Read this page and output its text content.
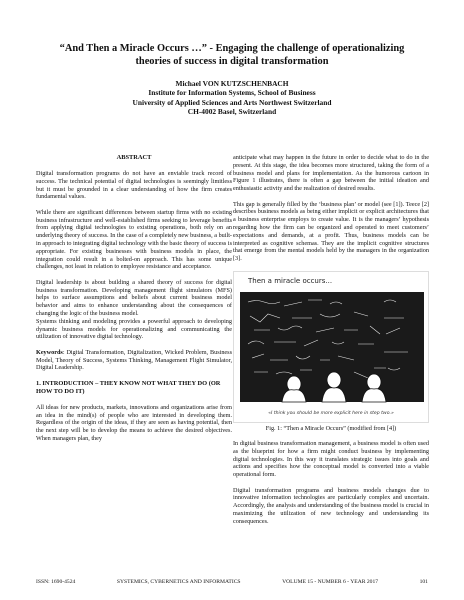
“And Then a Miracle Occurs …” - Engaging the challenge of operationalizing
theories of success in digital transformation
Michael VON KUTZSCHENBACH
Institute for Information Systems, School of Business
University of Applied Sciences and Arts Northwest Switzerland
CH-4002 Basel, Switzerland
ABSTRACT

Digital transformation programs do not have an enviable track record of success. The technical potential of digital technologies is seemingly limitless but it must be grounded in a clear understanding of how the firm creates fundamental values.

While there are significant differences between startup firms with no existing business infrastructure and well-established firms seeking to leverage benefits from applying digital technologies to existing operations, both rely on an underlying theory of success. In the case of a completely new business, a built-in approach to integrating digital technology with the basic theory of success is appropriate. For existing businesses with business models in place, the integration could result in a bolted-on approach. This has some unique challenges, not least in relation to employee resistance and acceptance.

Digital leadership is about building a shared theory of success for digital business transformation. Developing management flight simulators (MFS) helps to surface assumptions and beliefs about current business model behavior and aims to enhance understanding about the consequences of changing the logic of the business model.

Systems thinking and modeling provides a powerful approach to developing dynamic business models for operationalizing and communicating the utilization of innovative digital technology.

Keywords: Digital Transformation, Digitalization, Wicked Problem, Business Model, Theory of Success, Systems Thinking, Management Flight Simulator, Digital Leadership.

1. INTRODUCTION – THEY KNOW NOT WHAT THEY DO (OR HOW TO DO IT)

All ideas for new products, markets, innovations and organizations arise from an idea in the mind(s) of people who are interested in developing them. Regardless of the origin of the ideas, if they are seen as having potential, then the next step will be to develop the means to achieve the desired objectives. When managers plan, they

anticipate what may happen in the future in order to decide what to do in the present. At this stage, the idea becomes more structured, taking the form of a business model and plans for implementation. As the humorous cartoon in Figure 1 illustrates, there is often a gap between the initial ideation and enthusiastic activity and the realization of desired results.

This gap is generally filled by the ‘business plan’ or model (see [1]). Teece [2] describes business models as being either implicit or explicit architectures that a business enterprise employs to create value. It is the managers’ hypothesis regarding how the firm can be organized and operated to meet customers’ expectations and demands, at a profit. Thus, business models can be interpreted as cognitive schemas. They are the implicit cognitive structures that emerge from the mental models held by the managers in the organization [3].

Then a miracle occurs...
«I think you should be more explicit here in step two.»
Fig. 1: “Then a Miracle Occurs” (modified from [4])

In digital business transformation management, a business model is often used as the blueprint for how a firm might conduct business by implementing digital technologies. In this way it translates strategic issues into goals and actions and specifies how the conceptual model is converted into a viable operational form.

Digital transformation programs and business models changes due to innovative information technologies are particularly complex and uncertain. Accordingly, the analysis and understanding of the business model is crucial in maximizing the utilization of new technology and understanding its consequences.

ISSN: 1690-4524	SYSTEMICS, CYBERNETICS AND INFORMATICS	VOLUME 15 - NUMBER 6 - YEAR 2017	101
